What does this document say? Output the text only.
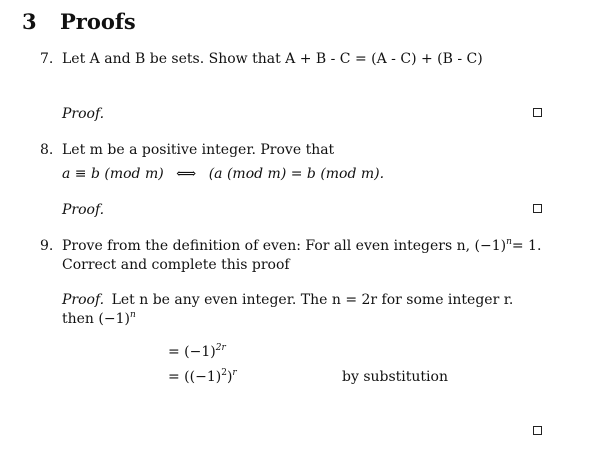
3 Proofs
7. Let A and B be sets. Show that A + B - C = (A - C) + (B - C)
Proof.
8. Let m be a positive integer. Prove that
a ≡ b (mod m) ⟺ (a (mod m) = b (mod m).
Proof.
9. Prove from the definition of even: For all even integers n, $(-1)^n= 1$.
Correct and complete this proof
Proof. Let n be any even integer. The n = 2r for some integer r.
then $(-1)^n$
= $(-1)^{2r}$
= $((-1)^2)^r$	by substitution
